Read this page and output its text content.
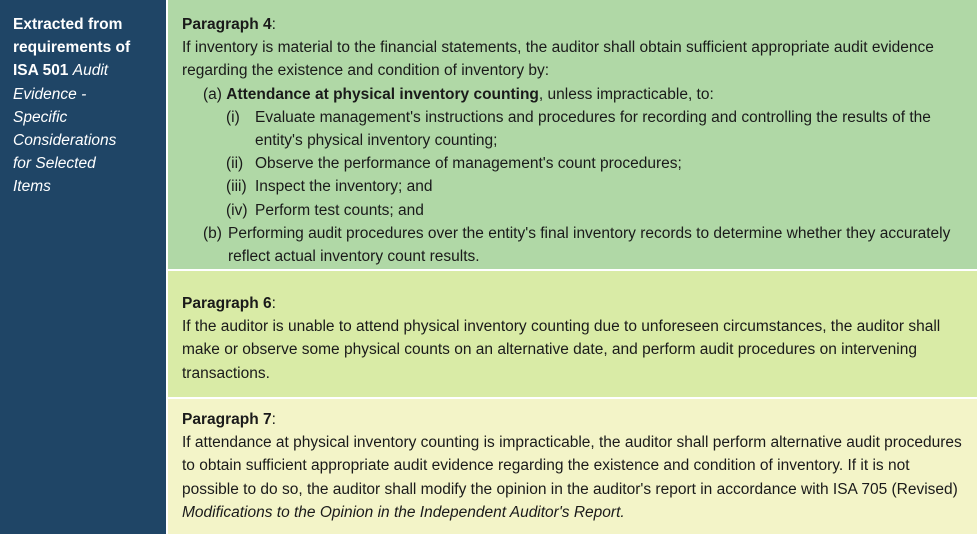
Extracted from
requirements of
ISA 501 Audit
Evidence -
Specific
Considerations
for Selected
Items
Paragraph 4:
If inventory is material to the financial statements, the auditor shall obtain sufficient appropriate audit evidence regarding the existence and condition of inventory by:
(a) Attendance at physical inventory counting, unless impracticable, to:
(i) Evaluate management's instructions and procedures for recording and controlling the results of the entity's physical inventory counting;
(ii) Observe the performance of management's count procedures;
(iii) Inspect the inventory; and
(iv) Perform test counts; and
(b) Performing audit procedures over the entity's final inventory records to determine whether they accurately reflect actual inventory count results.
Paragraph 6:
If the auditor is unable to attend physical inventory counting due to unforeseen circumstances, the auditor shall make or observe some physical counts on an alternative date, and perform audit procedures on intervening transactions.
Paragraph 7:
If attendance at physical inventory counting is impracticable, the auditor shall perform alternative audit procedures to obtain sufficient appropriate audit evidence regarding the existence and condition of inventory. If it is not possible to do so, the auditor shall modify the opinion in the auditor's report in accordance with ISA 705 (Revised) Modifications to the Opinion in the Independent Auditor's Report.
